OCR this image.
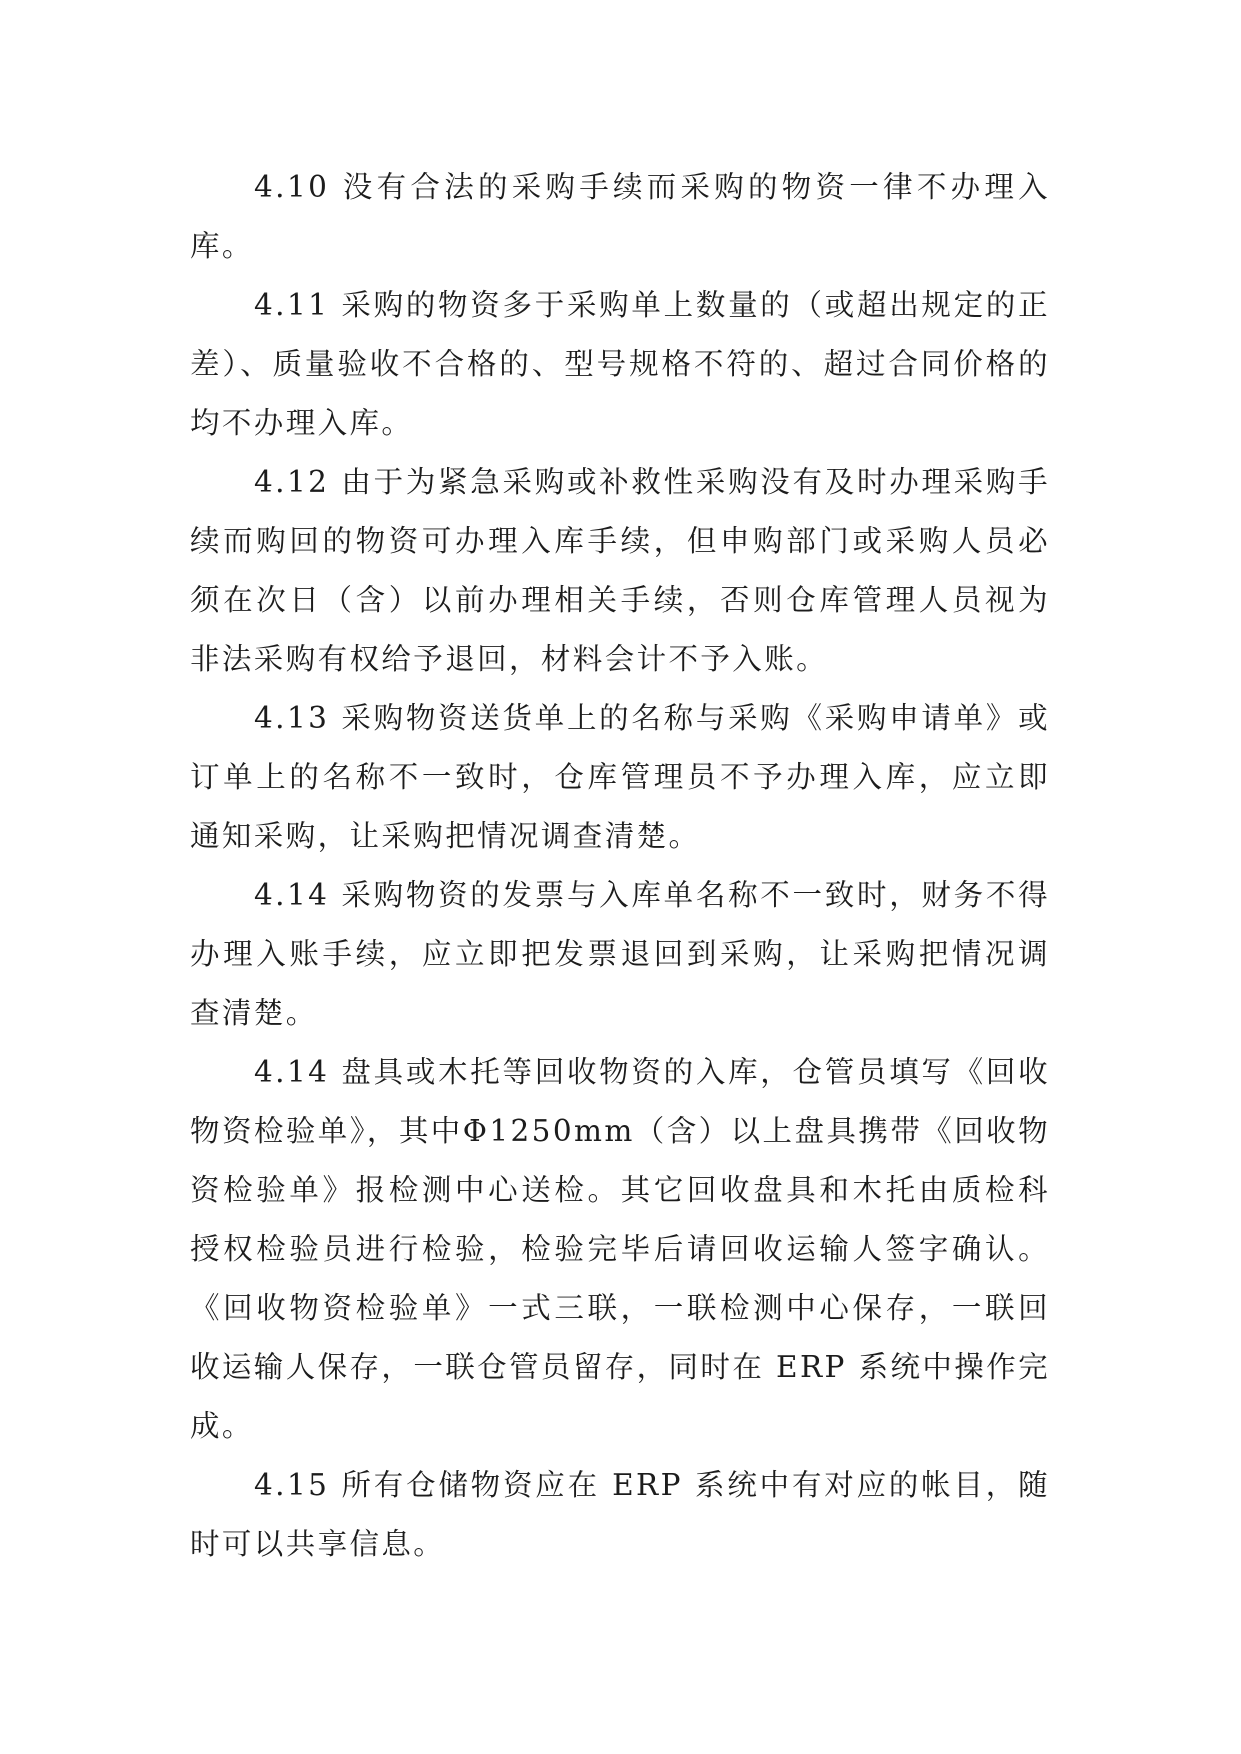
4.10 没有合法的采购手续而采购的物资一律不办理入库。

4.11 采购的物资多于采购单上数量的（或超出规定的正差）、质量验收不合格的、型号规格不符的、超过合同价格的均不办理入库。

4.12 由于为紧急采购或补救性采购没有及时办理采购手续而购回的物资可办理入库手续，但申购部门或采购人员必须在次日（含）以前办理相关手续，否则仓库管理人员视为非法采购有权给予退回，材料会计不予入账。

4.13 采购物资送货单上的名称与采购《采购申请单》或订单上的名称不一致时，仓库管理员不予办理入库，应立即通知采购，让采购把情况调查清楚。

4.14 采购物资的发票与入库单名称不一致时，财务不得办理入账手续，应立即把发票退回到采购，让采购把情况调查清楚。

4.14 盘具或木托等回收物资的入库，仓管员填写《回收物资检验单》，其中Φ1250mm（含）以上盘具携带《回收物资检验单》报检测中心送检。其它回收盘具和木托由质检科授权检验员进行检验，检验完毕后请回收运输人签字确认。《回收物资检验单》一式三联，一联检测中心保存，一联回收运输人保存，一联仓管员留存，同时在 ERP 系统中操作完成。

4.15 所有仓储物资应在 ERP 系统中有对应的帐目，随时可以共享信息。
